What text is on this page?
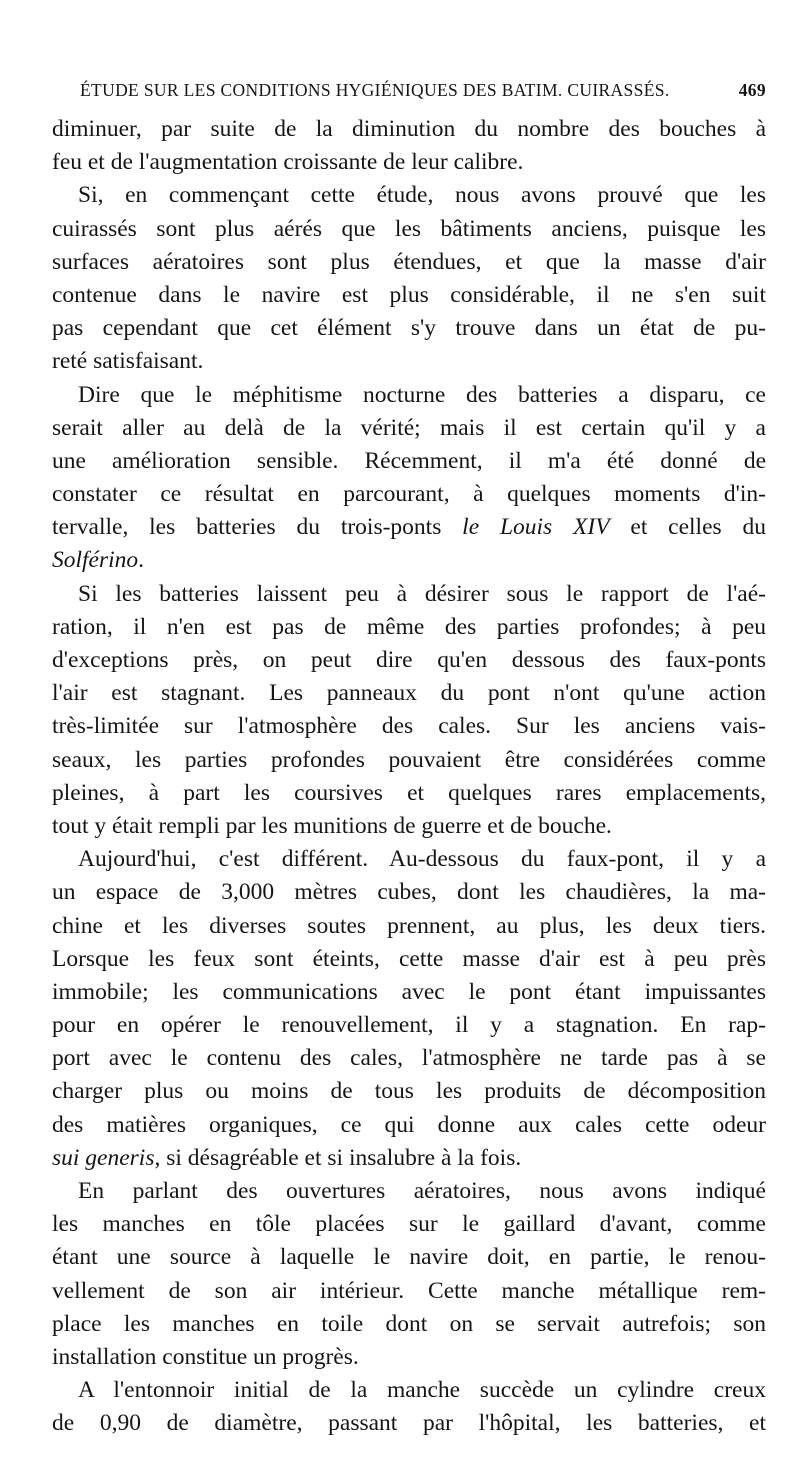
ÉTUDE SUR LES CONDITIONS HYGIÉNIQUES DES BATIM. CUIRASSÉS.	469
diminuer, par suite de la diminution du nombre des bouches à
feu et de l'augmentation croissante de leur calibre.
Si, en commençant cette étude, nous avons prouvé que les
cuirassés sont plus aérés que les bâtiments anciens, puisque les
surfaces aératoires sont plus étendues, et que la masse d'air
contenue dans le navire est plus considérable, il ne s'en suit
pas cependant que cet élément s'y trouve dans un état de pu-
reté satisfaisant.
Dire que le méphitisme nocturne des batteries a disparu, ce
serait aller au delà de la vérité; mais il est certain qu'il y a
une amélioration sensible. Récemment, il m'a été donné de
constater ce résultat en parcourant, à quelques moments d'in-
tervalle, les batteries du trois-ponts le Louis XIV et celles du
Solférino.
Si les batteries laissent peu à désirer sous le rapport de l'aé-
ration, il n'en est pas de même des parties profondes; à peu
d'exceptions près, on peut dire qu'en dessous des faux-ponts
l'air est stagnant. Les panneaux du pont n'ont qu'une action
très-limitée sur l'atmosphère des cales. Sur les anciens vais-
seaux, les parties profondes pouvaient être considérées comme
pleines, à part les coursives et quelques rares emplacements,
tout y était rempli par les munitions de guerre et de bouche.
Aujourd'hui, c'est différent. Au-dessous du faux-pont, il y a
un espace de 3,000 mètres cubes, dont les chaudières, la ma-
chine et les diverses soutes prennent, au plus, les deux tiers.
Lorsque les feux sont éteints, cette masse d'air est à peu près
immobile; les communications avec le pont étant impuissantes
pour en opérer le renouvellement, il y a stagnation. En rap-
port avec le contenu des cales, l'atmosphère ne tarde pas à se
charger plus ou moins de tous les produits de décomposition
des matières organiques, ce qui donne aux cales cette odeur
sui generis, si désagréable et si insalubre à la fois.
En parlant des ouvertures aératoires, nous avons indiqué
les manches en tôle placées sur le gaillard d'avant, comme
étant une source à laquelle le navire doit, en partie, le renou-
vellement de son air intérieur. Cette manche métallique rem-
place les manches en toile dont on se servait autrefois; son
installation constitue un progrès.
A l'entonnoir initial de la manche succède un cylindre creux
de 0,90 de diamètre, passant par l'hôpital, les batteries, et
